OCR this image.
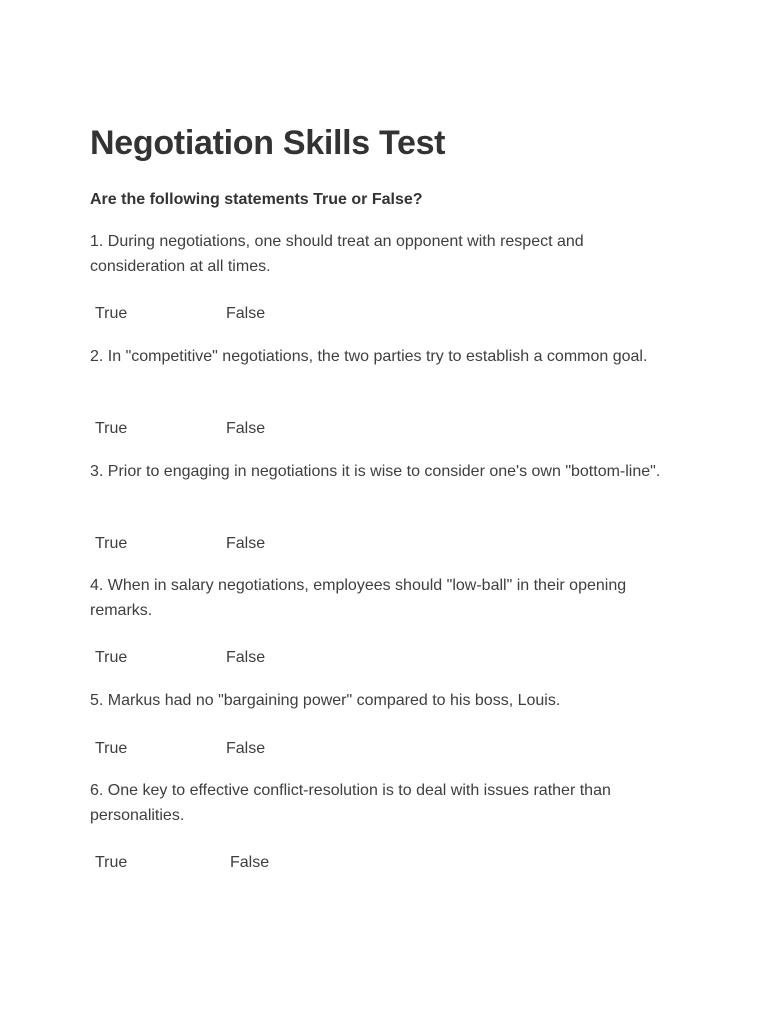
Negotiation Skills Test

Are the following statements True or False?

1. During negotiations, one should treat an opponent with respect and consideration at all times.

True	False

2. In "competitive" negotiations, the two parties try to establish a common goal.

True	False

3. Prior to engaging in negotiations it is wise to consider one's own "bottom-line".

True	False

4. When in salary negotiations, employees should "low-ball" in their opening remarks.

True	False

5. Markus had no "bargaining power" compared to his boss, Louis.

True	False

6. One key to effective conflict-resolution is to deal with issues rather than personalities.

True	False
